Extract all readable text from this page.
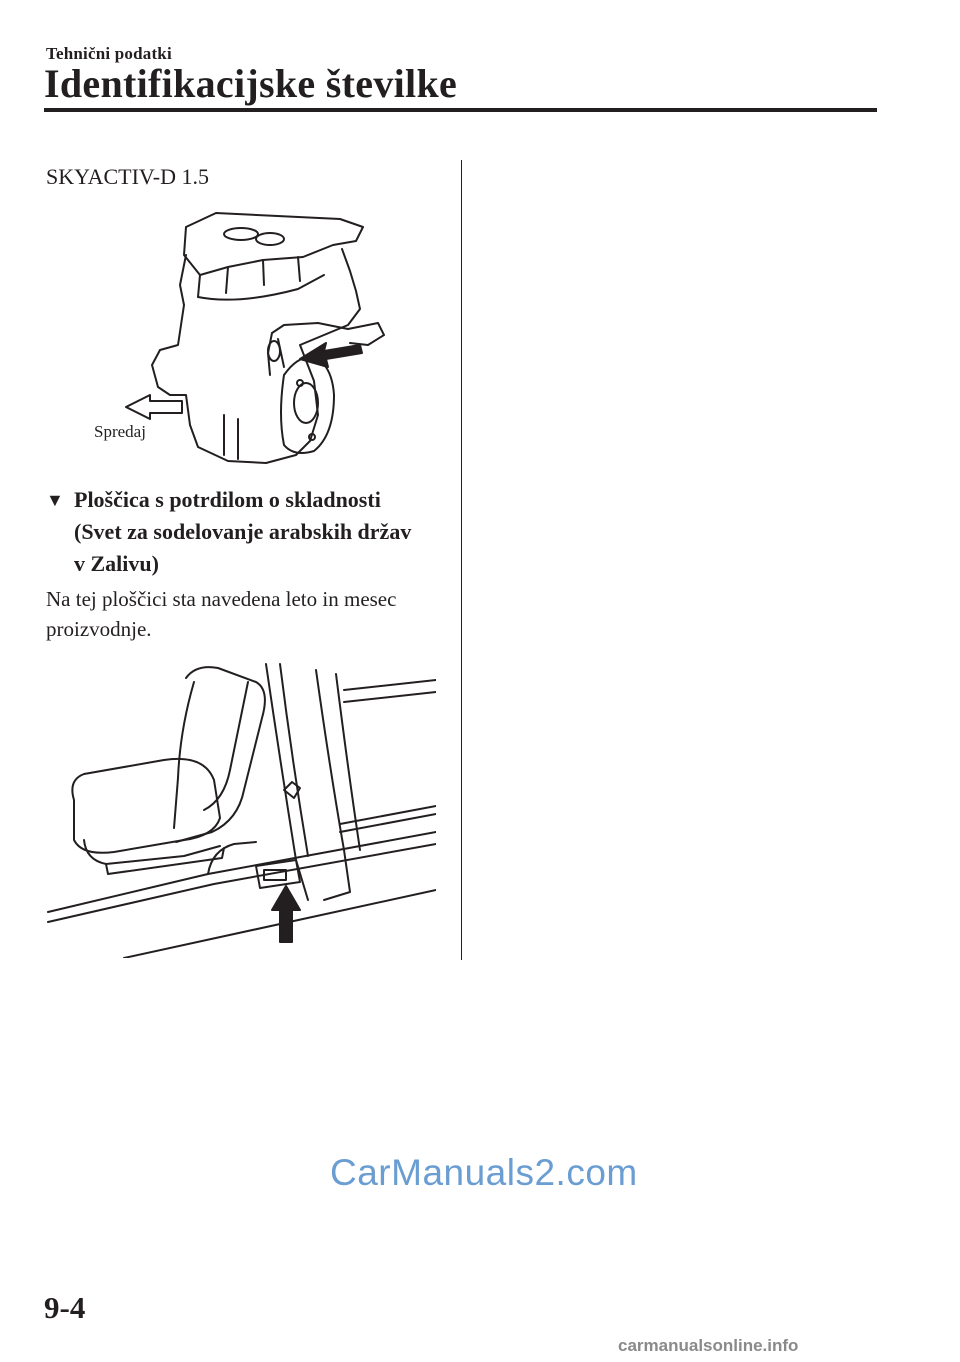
Tehnični podatki
Identifikacijske številke
SKYACTIV-D 1.5
Spredaj
▼ Ploščica s potrdilom o skladnosti
(Svet za sodelovanje arabskih držav
v Zalivu)
Na tej ploščici sta navedena leto in mesec
proizvodnje.
CarManuals2.com
9-4
carmanualsonline.info
